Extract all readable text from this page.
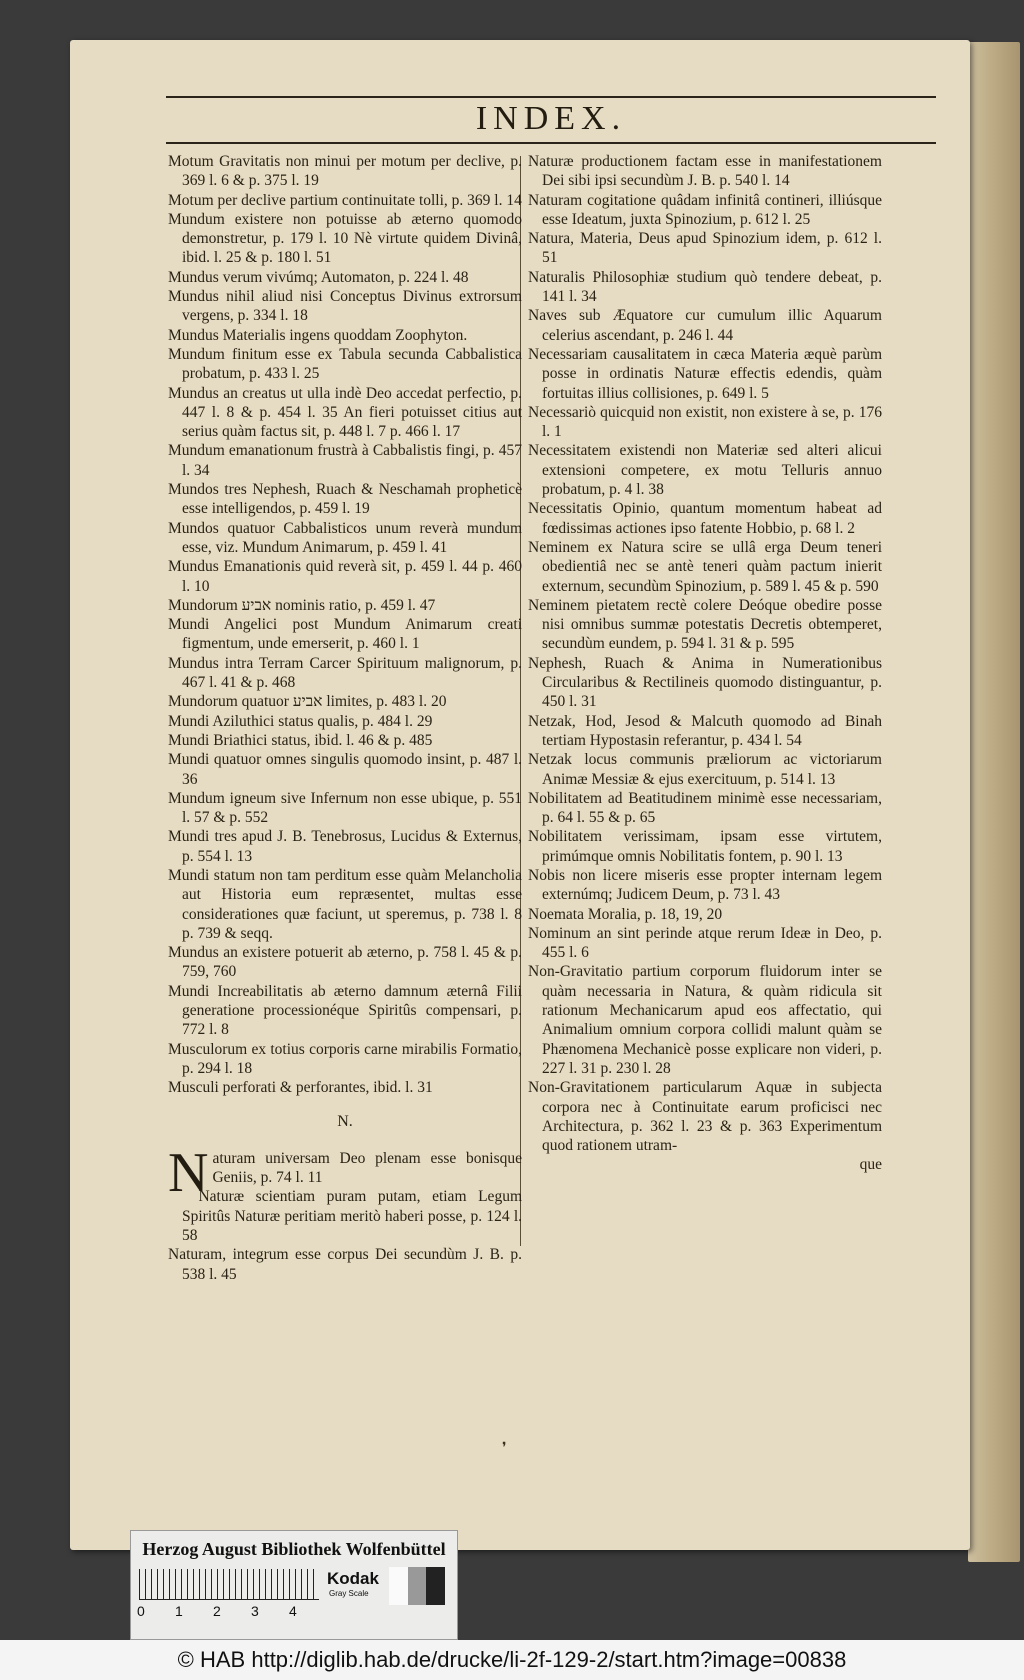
INDEX.

Motum Gravitatis non minui per motum per declive, p. 369 l. 6 & p. 375 l. 19

Motum per declive partium continuitate tolli, p. 369 l. 14

Mundum existere non potuisse ab æterno quomodo demonstretur, p. 179 l. 10 Nè virtute quidem Divinâ, ibid. l. 25 & p. 180 l. 51

Mundus verum vivúmq; Automaton, p. 224 l. 48

Mundus nihil aliud nisi Conceptus Divinus extrorsum vergens, p. 334 l. 18

Mundus Materialis ingens quoddam Zoophyton.

Mundum finitum esse ex Tabula secunda Cabbalistica probatum, p. 433 l. 25

Mundus an creatus ut ulla indè Deo accedat perfectio, p. 447 l. 8 & p. 454 l. 35 An fieri potuisset citius aut serius quàm factus sit, p. 448 l. 7 p. 466 l. 17

Mundum emanationum frustrà à Cabbalistis fingi, p. 457 l. 34

Mundos tres Nephesh, Ruach & Neschamah propheticè esse intelligendos, p. 459 l. 19

Mundos quatuor Cabbalisticos unum reverà mundum esse, viz. Mundum Animarum, p. 459 l. 41

Mundus Emanationis quid reverà sit, p. 459 l. 44 p. 460 l. 10

Mundorum אביע nominis ratio, p. 459 l. 47

Mundi Angelici post Mundum Animarum creati figmentum, unde emerserit, p. 460 l. 1

Mundus intra Terram Carcer Spirituum malignorum, p. 467 l. 41 & p. 468

Mundorum quatuor אביע limites, p. 483 l. 20

Mundi Aziluthici status qualis, p. 484 l. 29

Mundi Briathici status, ibid. l. 46 & p. 485

Mundi quatuor omnes singulis quomodo insint, p. 487 l. 36

Mundum igneum sive Infernum non esse ubique, p. 551 l. 57 & p. 552

Mundi tres apud J. B. Tenebrosus, Lucidus & Externus, p. 554 l. 13

Mundi statum non tam perditum esse quàm Melancholia aut Historia eum repræsentet, multas esse considerationes quæ faciunt, ut speremus, p. 738 l. 8 p. 739 & seqq.

Mundus an existere potuerit ab æterno, p. 758 l. 45 & p. 759, 760

Mundi Increabilitatis ab æterno damnum æternâ Filii generatione processionéque Spiritûs compensari, p. 772 l. 8

Musculorum ex totius corporis carne mirabilis Formatio, p. 294 l. 18

Musculi perforati & perforantes, ibid. l. 31

N.

Naturam universam Deo plenam esse bonisque Geniis, p. 74 l. 11

Naturæ scientiam puram putam, etiam Legum Spiritûs Naturæ peritiam meritò haberi posse, p. 124 l. 58

Naturam, integrum esse corpus Dei secundùm J. B. p. 538 l. 45

Naturæ productionem factam esse in manifestationem Dei sibi ipsi secundùm J. B. p. 540 l. 14

Naturam cogitatione quâdam infinitâ contineri, illiúsque esse Ideatum, juxta Spinozium, p. 612 l. 25

Natura, Materia, Deus apud Spinozium idem, p. 612 l. 51

Naturalis Philosophiæ studium quò tendere debeat, p. 141 l. 34

Naves sub Æquatore cur cumulum illic Aquarum celerius ascendant, p. 246 l. 44

Necessariam causalitatem in cæca Materia æquè parùm posse in ordinatis Naturæ effectis edendis, quàm fortuitas illius collisiones, p. 649 l. 5

Necessariò quicquid non existit, non existere à se, p. 176 l. 1

Necessitatem existendi non Materiæ sed alteri alicui extensioni competere, ex motu Telluris annuo probatum, p. 4 l. 38

Necessitatis Opinio, quantum momentum habeat ad fœdissimas actiones ipso fatente Hobbio, p. 68 l. 2

Neminem ex Natura scire se ullâ erga Deum teneri obedientiâ nec se antè teneri quàm pactum inierit externum, secundùm Spinozium, p. 589 l. 45 & p. 590

Neminem pietatem rectè colere Deóque obedire posse nisi omnibus summæ potestatis Decretis obtemperet, secundùm eundem, p. 594 l. 31 & p. 595

Nephesh, Ruach & Anima in Numerationibus Circularibus & Rectilineis quomodo distinguantur, p. 450 l. 31

Netzak, Hod, Jesod & Malcuth quomodo ad Binah tertiam Hypostasin referantur, p. 434 l. 54

Netzak locus communis præliorum ac victoriarum Animæ Messiæ & ejus exercituum, p. 514 l. 13

Nobilitatem ad Beatitudinem minimè esse necessariam, p. 64 l. 55 & p. 65

Nobilitatem verissimam, ipsam esse virtutem, primúmque omnis Nobilitatis fontem, p. 90 l. 13

Nobis non licere miseris esse propter internam legem externúmq; Judicem Deum, p. 73 l. 43

Noemata Moralia, p. 18, 19, 20

Nominum an sint perinde atque rerum Ideæ in Deo, p. 455 l. 6

Non-Gravitatio partium corporum fluidorum inter se quàm necessaria in Natura, & quàm ridicula sit rationum Mechanicarum apud eos affectatio, qui Animalium omnium corpora collidi malunt quàm se Phænomena Mechanicè posse explicare non videri, p. 227 l. 31 p. 230 l. 28

Non-Gravitationem particularum Aquæ in subjecta corpora nec à Continuitate earum proficisci nec Architectura, p. 362 l. 23 & p. 363 Experimentum quod rationem utram-

que

❜
Herzog August Bibliothek Wolfenbüttel
0 1 2 3 4
Kodak
Gray Scale
© HAB http://diglib.hab.de/drucke/li-2f-129-2/start.htm?image=00838
